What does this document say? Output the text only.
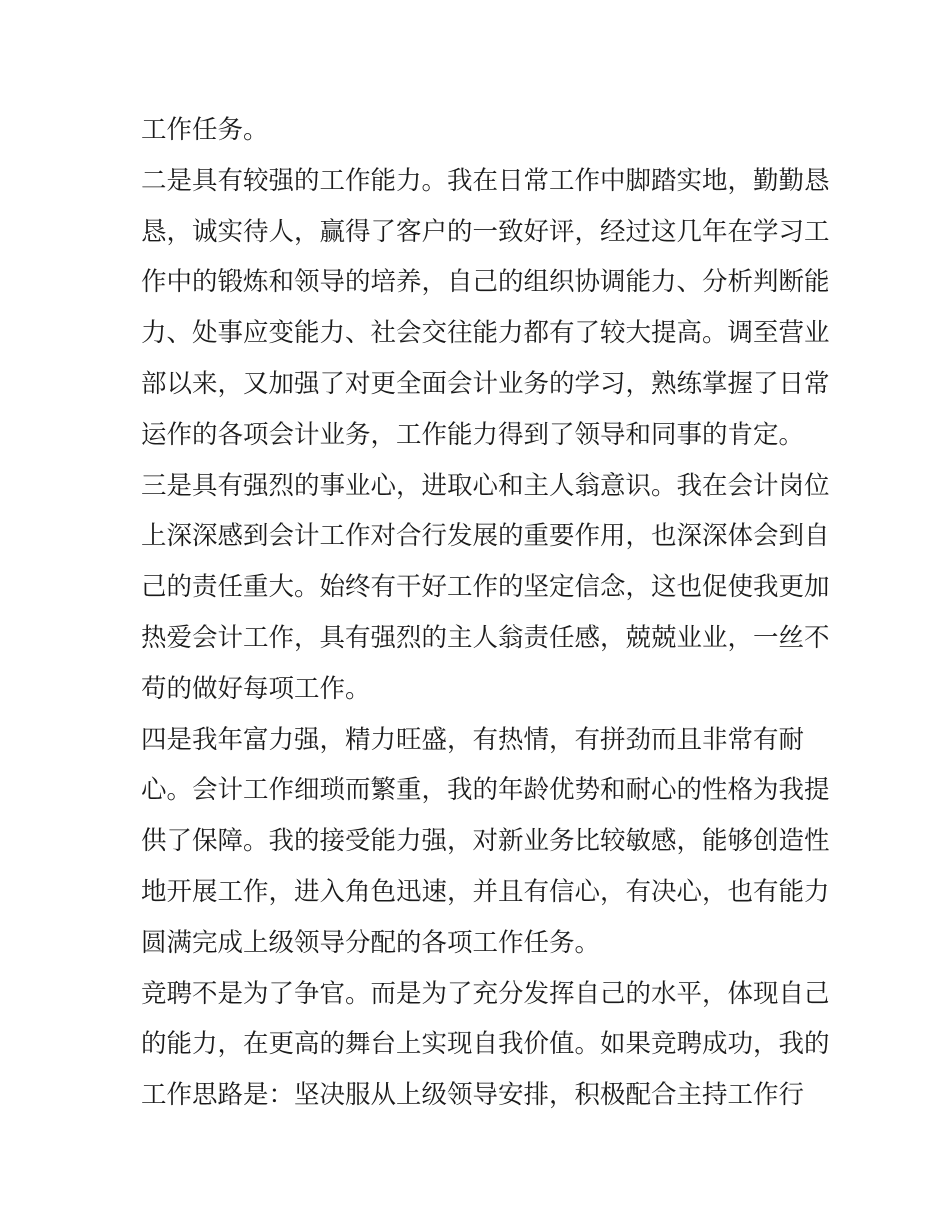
工作任务。
二是具有较强的工作能力。我在日常工作中脚踏实地，勤勤恳
恳，诚实待人，赢得了客户的一致好评，经过这几年在学习工
作中的锻炼和领导的培养，自己的组织协调能力、分析判断能
力、处事应变能力、社会交往能力都有了较大提高。调至营业
部以来，又加强了对更全面会计业务的学习，熟练掌握了日常
运作的各项会计业务，工作能力得到了领导和同事的肯定。
三是具有强烈的事业心，进取心和主人翁意识。我在会计岗位
上深深感到会计工作对合行发展的重要作用，也深深体会到自
己的责任重大。始终有干好工作的坚定信念，这也促使我更加
热爱会计工作，具有强烈的主人翁责任感，兢兢业业，一丝不
苟的做好每项工作。
四是我年富力强，精力旺盛，有热情，有拼劲而且非常有耐
心。会计工作细琐而繁重，我的年龄优势和耐心的性格为我提
供了保障。我的接受能力强，对新业务比较敏感，能够创造性
地开展工作，进入角色迅速，并且有信心，有决心，也有能力
圆满完成上级领导分配的各项工作任务。
竞聘不是为了争官。而是为了充分发挥自己的水平，体现自己
的能力，在更高的舞台上实现自我价值。如果竞聘成功，我的
工作思路是：坚决服从上级领导安排，积极配合主持工作行
